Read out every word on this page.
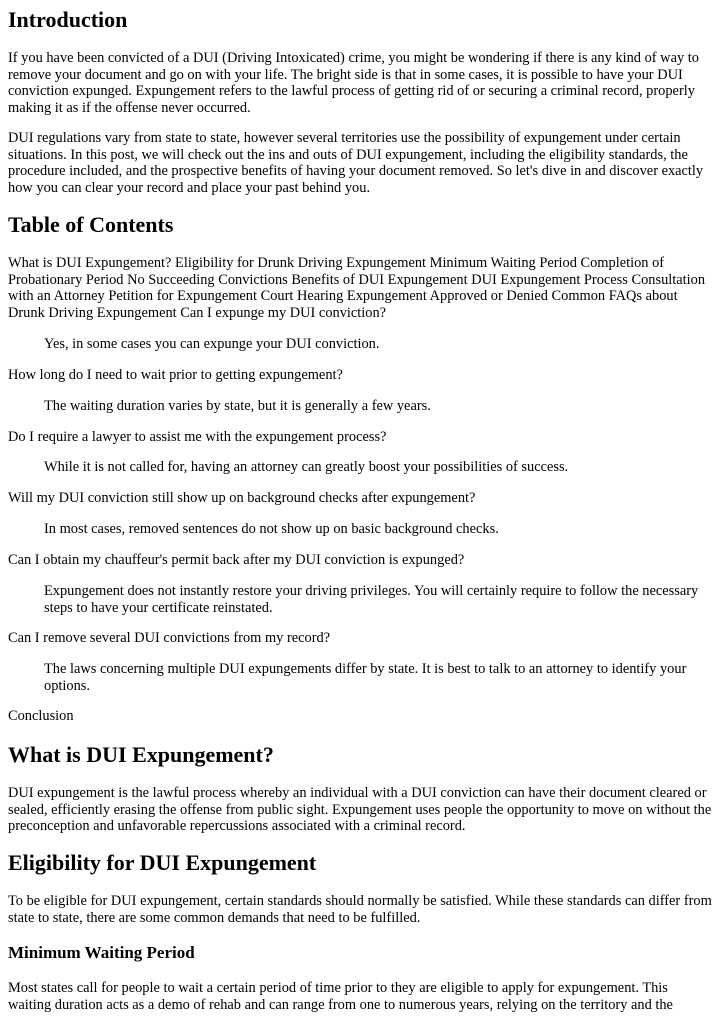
Introduction

If you have been convicted of a DUI (Driving Intoxicated) crime, you might be wondering if there is any kind of way to remove your document and go on with your life. The bright side is that in some cases, it is possible to have your DUI conviction expunged. Expungement refers to the lawful process of getting rid of or securing a criminal record, properly making it as if the offense never occurred.

DUI regulations vary from state to state, however several territories use the possibility of expungement under certain situations. In this post, we will check out the ins and outs of DUI expungement, including the eligibility standards, the procedure included, and the prospective benefits of having your document removed. So let's dive in and discover exactly how you can clear your record and place your past behind you.

Table of Contents

What is DUI Expungement? Eligibility for Drunk Driving Expungement Minimum Waiting Period Completion of Probationary Period No Succeeding Convictions Benefits of DUI Expungement DUI Expungement Process Consultation with an Attorney Petition for Expungement Court Hearing Expungement Approved or Denied Common FAQs about Drunk Driving Expungement Can I expunge my DUI conviction?

Yes, in some cases you can expunge your DUI conviction.

How long do I need to wait prior to getting expungement?

The waiting duration varies by state, but it is generally a few years.

Do I require a lawyer to assist me with the expungement process?

While it is not called for, having an attorney can greatly boost your possibilities of success.

Will my DUI conviction still show up on background checks after expungement?

In most cases, removed sentences do not show up on basic background checks.

Can I obtain my chauffeur's permit back after my DUI conviction is expunged?

Expungement does not instantly restore your driving privileges. You will certainly require to follow the necessary steps to have your certificate reinstated.

Can I remove several DUI convictions from my record?

The laws concerning multiple DUI expungements differ by state. It is best to talk to an attorney to identify your options.

Conclusion

What is DUI Expungement?

DUI expungement is the lawful process whereby an individual with a DUI conviction can have their document cleared or sealed, efficiently erasing the offense from public sight. Expungement uses people the opportunity to move on without the preconception and unfavorable repercussions associated with a criminal record.

Eligibility for DUI Expungement

To be eligible for DUI expungement, certain standards should normally be satisfied. While these standards can differ from state to state, there are some common demands that need to be fulfilled.

Minimum Waiting Period

Most states call for people to wait a certain period of time prior to they are eligible to apply for expungement. This waiting duration acts as a demo of rehab and can range from one to numerous years, relying on the territory and the
